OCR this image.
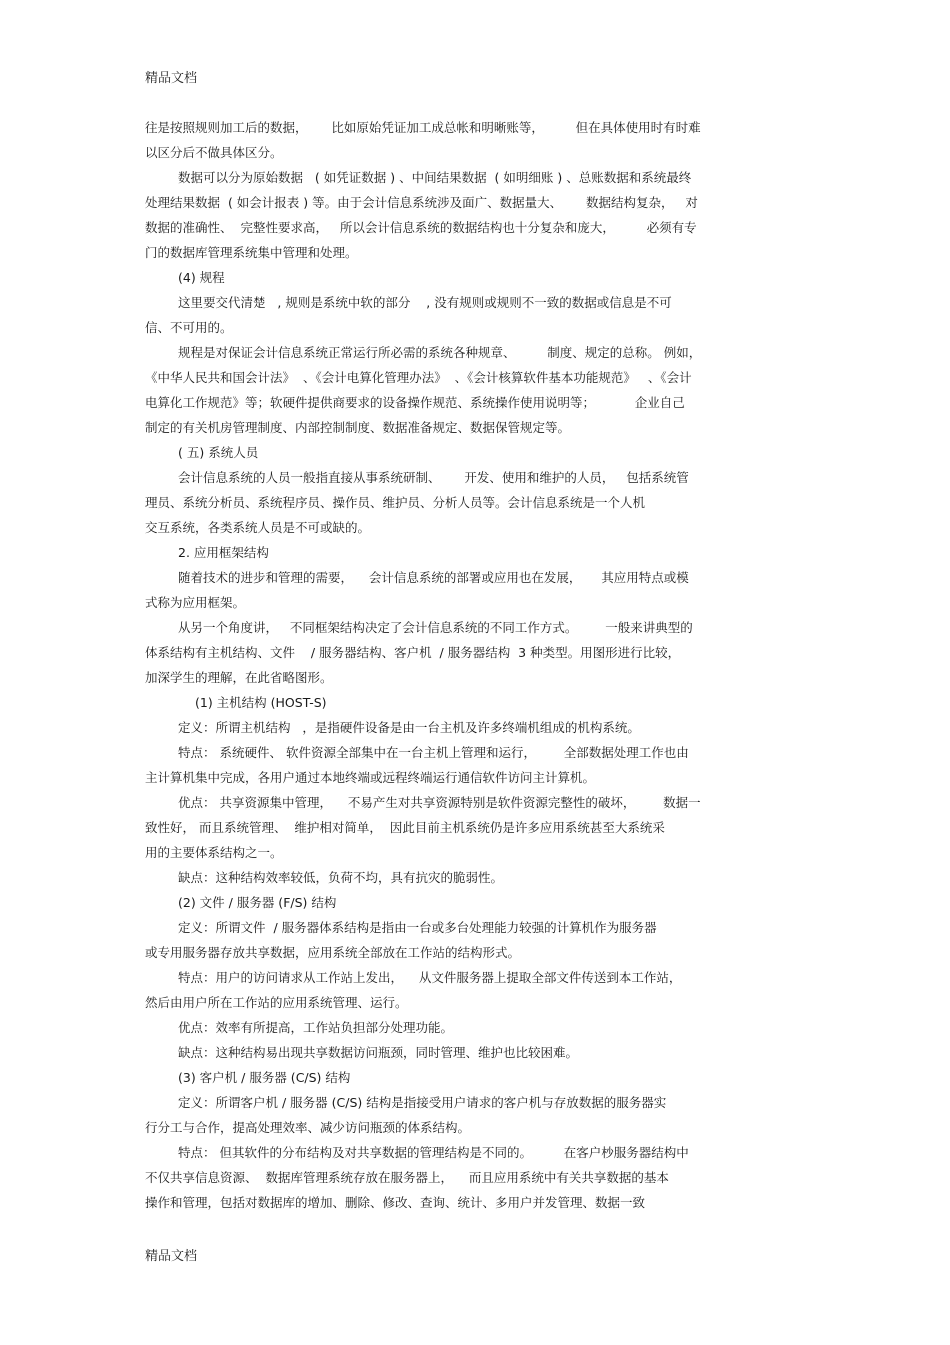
精品文档
往是按照规则加工后的数据，      比如原始凭证加工成总帐和明晰账等，        但在具体使用时有时难
以区分后不做具体区分。
数据可以分为原始数据   ( 如凭证数据 ) 、中间结果数据  ( 如明细账 ) 、总账数据和系统最终
处理结果数据  ( 如会计报表 ) 等。由于会计信息系统涉及面广、数据量大、      数据结构复杂，   对
数据的准确性、  完整性要求高，   所以会计信息系统的数据结构也十分复杂和庞大，        必须有专
门的数据库管理系统集中管理和处理。
(4) 规程
这里要交代清楚   , 规则是系统中软的部分    , 没有规则或规则不一致的数据或信息是不可
信、不可用的。
规程是对保证会计信息系统正常运行所必需的系统各种规章、        制度、规定的总称。 例如，
《中华人民共和国会计法》  、《会计电算化管理办法》  、《会计核算软件基本功能规范》   、《会计
电算化工作规范》等；软硬件提供商要求的设备操作规范、系统操作使用说明等；          企业自己
制定的有关机房管理制度、内部控制制度、数据准备规定、数据保管规定等。
( 五) 系统人员
会计信息系统的人员一般指直接从事系统研制、      开发、使用和维护的人员，   包括系统管
理员、系统分析员、系统程序员、操作员、维护员、分析人员等。会计信息系统是一个人机
交互系统，各类系统人员是不可或缺的。
2. 应用框架结构
随着技术的进步和管理的需要，    会计信息系统的部署或应用也在发展，     其应用特点或模
式称为应用框架。
从另一个角度讲，   不同框架结构决定了会计信息系统的不同工作方式。       一般来讲典型的
体系结构有主机结构、文件    / 服务器结构、客户机  / 服务器结构  3 种类型。用图形进行比较，
加深学生的理解，在此省略图形。
(1) 主机结构 (HOST-S)
定义：所谓主机结构   ，是指硬件设备是由一台主机及许多终端机组成的机构系统。
特点： 系统硬件、 软件资源全部集中在一台主机上管理和运行，       全部数据处理工作也由
主计算机集中完成，各用户通过本地终端或远程终端运行通信软件访问主计算机。
优点： 共享资源集中管理，    不易产生对共享资源特别是软件资源完整性的破坏，       数据一
致性好， 而且系统管理、  维护相对简单，  因此目前主机系统仍是许多应用系统甚至大系统采
用的主要体系结构之一。
缺点：这种结构效率较低，负荷不均，具有抗灾的脆弱性。
(2) 文件 / 服务器 (F/S) 结构
定义：所谓文件  / 服务器体系结构是指由一台或多台处理能力较强的计算机作为服务器
或专用服务器存放共享数据，应用系统全部放在工作站的结构形式。
特点：用户的访问请求从工作站上发出，    从文件服务器上提取全部文件传送到本工作站，
然后由用户所在工作站的应用系统管理、运行。
优点：效率有所提高，工作站负担部分处理功能。
缺点：这种结构易出现共享数据访问瓶颈，同时管理、维护也比较困难。
(3) 客户机 / 服务器 (C/S) 结构
定义：所谓客户机 / 服务器 (C/S) 结构是指接受用户请求的客户机与存放数据的服务器实
行分工与合作，提高处理效率、减少访问瓶颈的体系结构。
特点： 但其软件的分布结构及对共享数据的管理结构是不同的。        在客户杪服务器结构中
不仅共享信息资源、  数据库管理系统存放在服务器上，    而且应用系统中有关共享数据的基本
操作和管理，包括对数据库的增加、删除、修改、查询、统计、多用户并发管理、数据一致
精品文档
